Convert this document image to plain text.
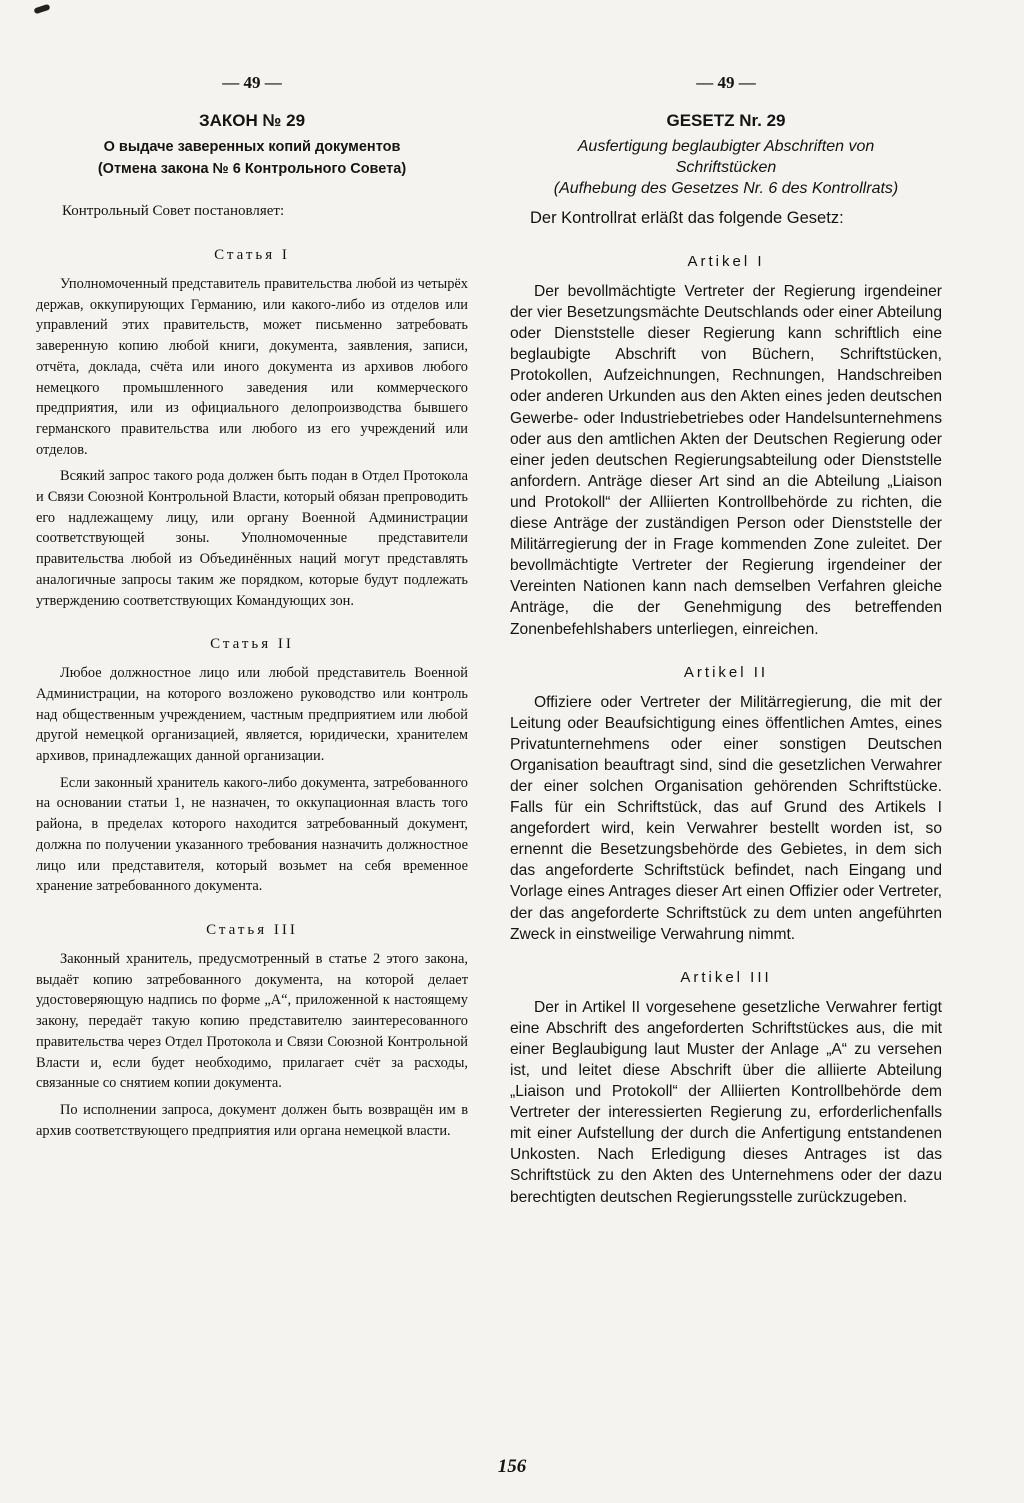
— 49 —
ЗАКОН № 29
О выдаче заверенных копий документов
(Отмена закона № 6 Контрольного Совета)

Контрольный Совет постановляет:

Статья I

Уполномоченный представитель правительства любой из четырёх держав, оккупирующих Германию, или какого-либо из отделов или управлений этих правительств, может письменно затребовать заверенную копию любой книги, документа, заявления, записи, отчёта, доклада, счёта или иного документа из архивов любого немецкого промышленного заведения или коммерческого предприятия, или из официального делопроизводства бывшего германского правительства или любого из его учреждений или отделов.

Всякий запрос такого рода должен быть подан в Отдел Протокола и Связи Союзной Контрольной Власти, который обязан препроводить его надлежащему лицу, или органу Военной Администрации соответствующей зоны. Уполномоченные представители правительства любой из Объединённых наций могут представлять аналогичные запросы таким же порядком, которые будут подлежать утверждению соответствующих Командующих зон.

Статья II

Любое должностное лицо или любой представитель Военной Администрации, на которого возложено руководство или контроль над общественным учреждением, частным предприятием или любой другой немецкой организацией, является, юридически, хранителем архивов, принадлежащих данной организации.

Если законный хранитель какого-либо документа, затребованного на основании статьи 1, не назначен, то оккупационная власть того района, в пределах которого находится затребованный документ, должна по получении указанного требования назначить должностное лицо или представителя, который возьмет на себя временное хранение затребованного документа.

Статья III

Законный хранитель, предусмотренный в статье 2 этого закона, выдаёт копию затребованного документа, на которой делает удостоверяющую надпись по форме „А“, приложенной к настоящему закону, передаёт такую копию представителю заинтересованного правительства через Отдел Протокола и Связи Союзной Контрольной Власти и, если будет необходимо, прилагает счёт за расходы, связанные со снятием копии документа.

По исполнении запроса, документ должен быть возвращён им в архив соответствующего предприятия или органа немецкой власти.

— 49 —
GESETZ Nr. 29
Ausfertigung beglaubigter Abschriften von
Schriftstücken
(Aufhebung des Gesetzes Nr. 6 des Kontrollrats)

Der Kontrollrat erläßt das folgende Gesetz:

Artikel I

Der bevollmächtigte Vertreter der Regierung irgendeiner der vier Besetzungsmächte Deutschlands oder einer Abteilung oder Dienststelle dieser Regierung kann schriftlich eine beglaubigte Abschrift von Büchern, Schriftstücken, Protokollen, Aufzeichnungen, Rechnungen, Handschreiben oder anderen Urkunden aus den Akten eines jeden deutschen Gewerbe- oder Industriebetriebes oder Handelsunternehmens oder aus den amtlichen Akten der Deutschen Regierung oder einer jeden deutschen Regierungsabteilung oder Dienststelle anfordern. Anträge dieser Art sind an die Abteilung „Liaison und Protokoll“ der Alliierten Kontrollbehörde zu richten, die diese Anträge der zuständigen Person oder Dienststelle der Militärregierung der in Frage kommenden Zone zuleitet. Der bevollmächtigte Vertreter der Regierung irgendeiner der Vereinten Nationen kann nach demselben Verfahren gleiche Anträge, die der Genehmigung des betreffenden Zonenbefehlshabers unterliegen, einreichen.

Artikel II

Offiziere oder Vertreter der Militärregierung, die mit der Leitung oder Beaufsichtigung eines öffentlichen Amtes, eines Privatunternehmens oder einer sonstigen Deutschen Organisation beauftragt sind, sind die gesetzlichen Verwahrer der einer solchen Organisation gehörenden Schriftstücke. Falls für ein Schriftstück, das auf Grund des Artikels I angefordert wird, kein Verwahrer bestellt worden ist, so ernennt die Besetzungsbehörde des Gebietes, in dem sich das angeforderte Schriftstück befindet, nach Eingang und Vorlage eines Antrages dieser Art einen Offizier oder Vertreter, der das angeforderte Schriftstück zu dem unten angeführten Zweck in einstweilige Verwahrung nimmt.

Artikel III

Der in Artikel II vorgesehene gesetzliche Verwahrer fertigt eine Abschrift des angeforderten Schriftstückes aus, die mit einer Beglaubigung laut Muster der Anlage „A“ zu versehen ist, und leitet diese Abschrift über die alliierte Abteilung „Liaison und Protokoll“ der Alliierten Kontrollbehörde dem Vertreter der interessierten Regierung zu, erforderlichenfalls mit einer Aufstellung der durch die Anfertigung entstandenen Unkosten. Nach Erledigung dieses Antrages ist das Schriftstück zu den Akten des Unternehmens oder der dazu berechtigten deutschen Regierungsstelle zurückzugeben.

156
